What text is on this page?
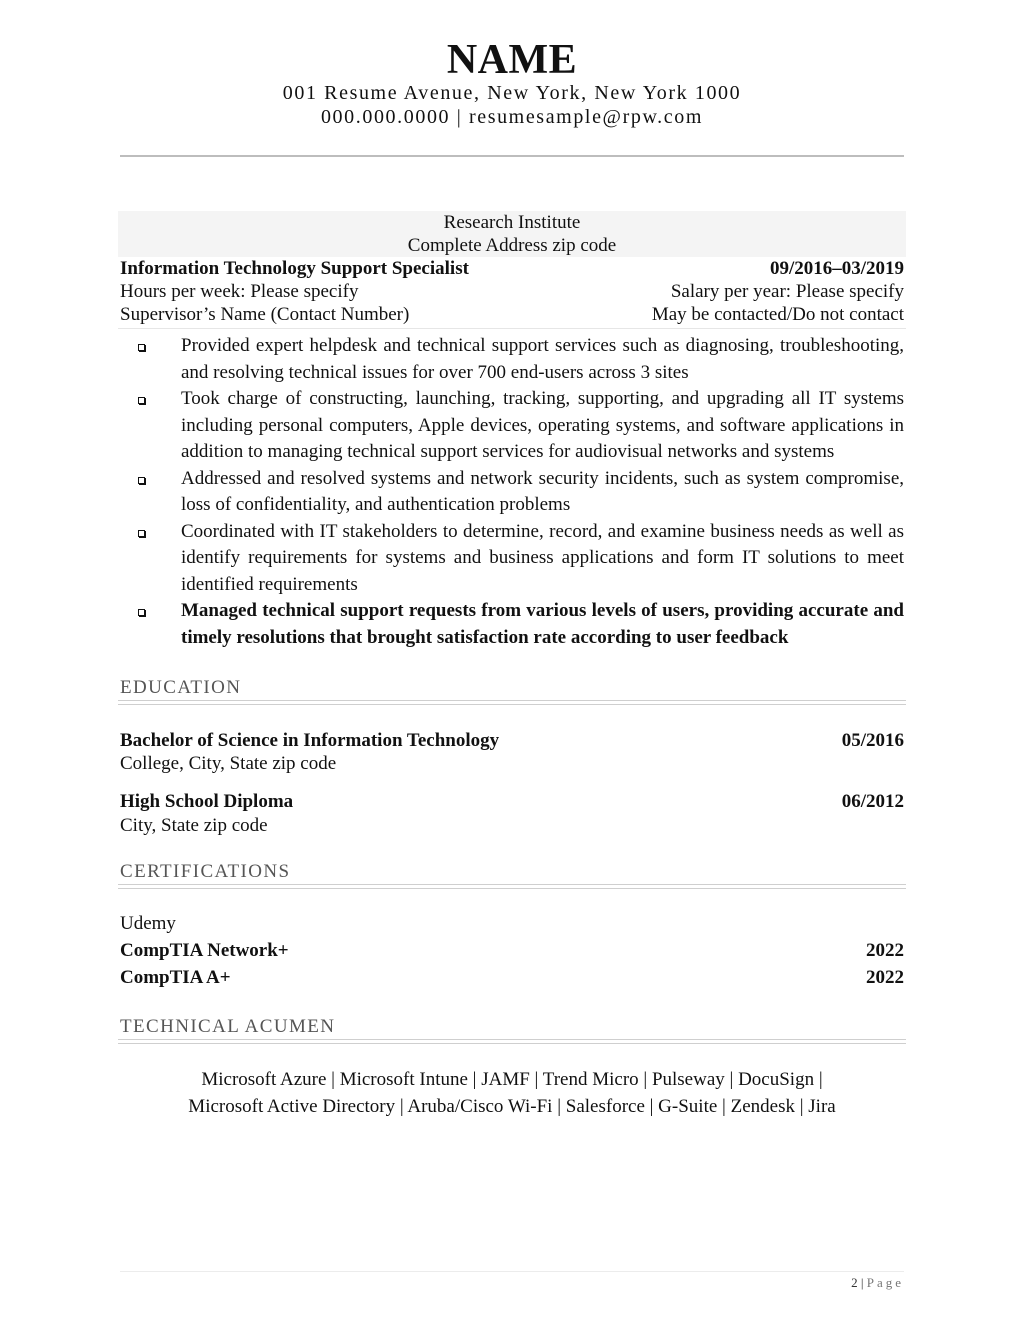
NAME
001 Resume Avenue, New York, New York 1000
000.000.0000 | resumesample@rpw.com
Research Institute
Complete Address zip code
Information Technology Support Specialist	09/2016–03/2019
Hours per week: Please specify	Salary per year: Please specify
Supervisor’s Name (Contact Number)	May be contacted/Do not contact
Provided expert helpdesk and technical support services such as diagnosing, troubleshooting, and resolving technical issues for over 700 end-users across 3 sites
Took charge of constructing, launching, tracking, supporting, and upgrading all IT systems including personal computers, Apple devices, operating systems, and software applications in addition to managing technical support services for audiovisual networks and systems
Addressed and resolved systems and network security incidents, such as system compromise, loss of confidentiality, and authentication problems
Coordinated with IT stakeholders to determine, record, and examine business needs as well as identify requirements for systems and business applications and form IT solutions to meet identified requirements
Managed technical support requests from various levels of users, providing accurate and timely resolutions that brought satisfaction rate according to user feedback
EDUCATION
Bachelor of Science in Information Technology	05/2016
College, City, State zip code
High School Diploma	06/2012
City, State zip code
CERTIFICATIONS
Udemy
CompTIA Network+	2022
CompTIA A+	2022
TECHNICAL ACUMEN
Microsoft Azure | Microsoft Intune | JAMF | Trend Micro | Pulseway | DocuSign |
Microsoft Active Directory | Aruba/Cisco Wi-Fi | Salesforce | G-Suite | Zendesk | Jira
2 | Page
